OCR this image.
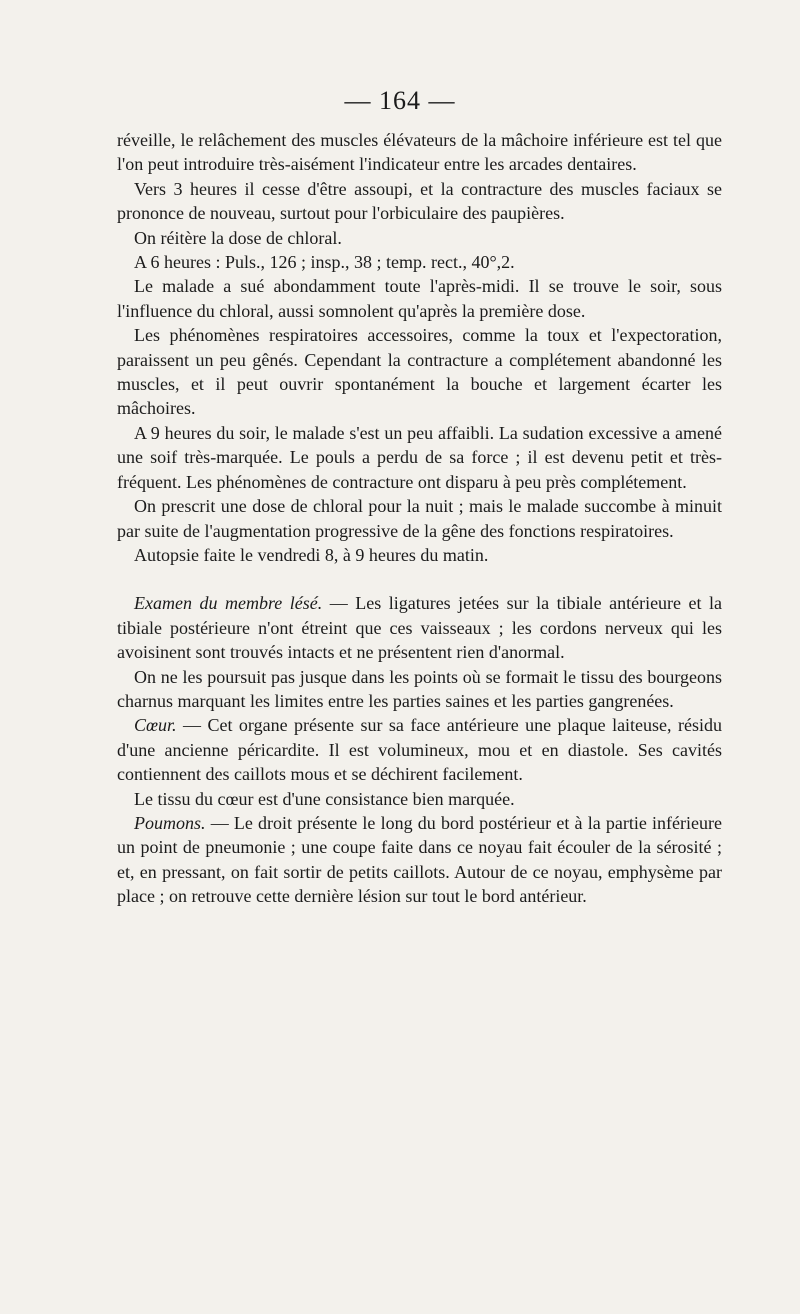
— 164 —

réveille, le relâchement des muscles élévateurs de la mâchoire inférieure est tel que l'on peut introduire très-aisément l'indicateur entre les arcades dentaires.

Vers 3 heures il cesse d'être assoupi, et la contracture des muscles faciaux se prononce de nouveau, surtout pour l'orbiculaire des paupières.

On réitère la dose de chloral.

A 6 heures : Puls., 126 ; insp., 38 ; temp. rect., 40°,2.

Le malade a sué abondamment toute l'après-midi. Il se trouve le soir, sous l'influence du chloral, aussi somnolent qu'après la première dose.

Les phénomènes respiratoires accessoires, comme la toux et l'expectoration, paraissent un peu gênés. Cependant la contracture a complétement abandonné les muscles, et il peut ouvrir spontanément la bouche et largement écarter les mâchoires.

A 9 heures du soir, le malade s'est un peu affaibli. La sudation excessive a amené une soif très-marquée. Le pouls a perdu de sa force ; il est devenu petit et très-fréquent. Les phénomènes de contracture ont disparu à peu près complétement.

On prescrit une dose de chloral pour la nuit ; mais le malade succombe à minuit par suite de l'augmentation progressive de la gêne des fonctions respiratoires.

Autopsie faite le vendredi 8, à 9 heures du matin.

Examen du membre lésé. — Les ligatures jetées sur la tibiale antérieure et la tibiale postérieure n'ont étreint que ces vaisseaux ; les cordons nerveux qui les avoisinent sont trouvés intacts et ne présentent rien d'anormal.

On ne les poursuit pas jusque dans les points où se formait le tissu des bourgeons charnus marquant les limites entre les parties saines et les parties gangrenées.

Cœur. — Cet organe présente sur sa face antérieure une plaque laiteuse, résidu d'une ancienne péricardite. Il est volumineux, mou et en diastole. Ses cavités contiennent des caillots mous et se déchirent facilement.

Le tissu du cœur est d'une consistance bien marquée.

Poumons. — Le droit présente le long du bord postérieur et à la partie inférieure un point de pneumonie ; une coupe faite dans ce noyau fait écouler de la sérosité ; et, en pressant, on fait sortir de petits caillots. Autour de ce noyau, emphysème par place ; on retrouve cette dernière lésion sur tout le bord antérieur.
